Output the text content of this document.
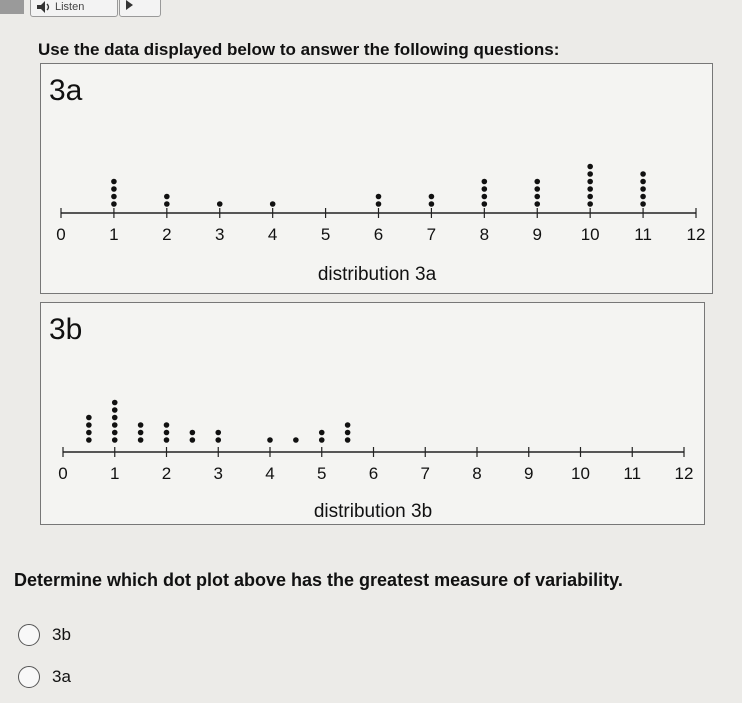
Listen
Use the data displayed below to answer the following questions:
3a
0	1	2	3	4	5	6	7	8	9 10 11 12
distribution 3a
3b
0 1 2 3 4 5 6 7 8 9 10 11 12
distribution 3b
Determine which dot plot above has the greatest measure of variability.
3b
3a
